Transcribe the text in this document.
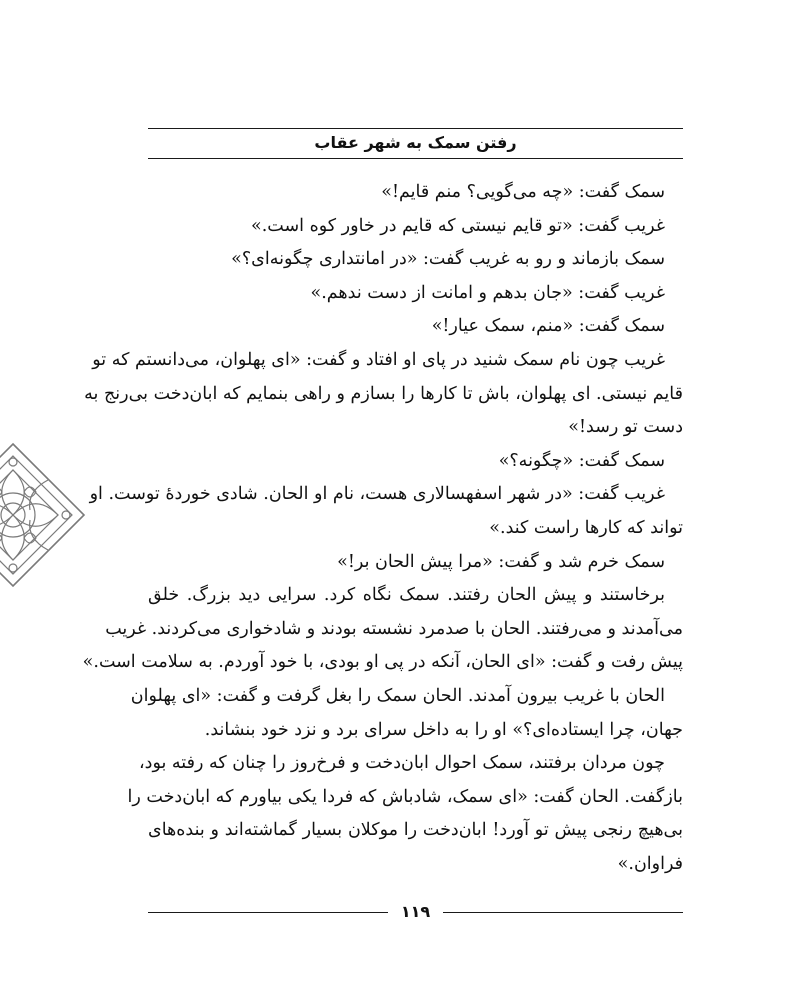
رفتن سمک به شهر عقاب
سمک گفت: «چه می‌گویی؟ منم قایم!»
غریب گفت: «تو قایم نیستی که قایم در خاور کوه است.»
سمک بازماند و رو به غریب گفت: «در امانتداری چگونه‌ای؟»
غریب گفت: «جان بدهم و امانت از دست ندهم.»
سمک گفت: «منم، سمک عیار!»
غریب چون نام سمک شنید در پای او افتاد و گفت: «ای پهلوان، می‌دانستم که تو
قایم نیستی. ای پهلوان، باش تا کارها را بسازم و راهی بنمایم که ابان‌دخت بی‌رنج به
دست تو رسد!»
سمک گفت: «چگونه؟»
غریب گفت: «در شهر اسفهسالاری هست، نام او الحان. شادی خوردهٔ توست. او
تواند که کارها راست کند.»
سمک خرم شد و گفت: «مرا پیش الحان بر!»
برخاستند و پیش الحان رفتند. سمک نگاه کرد. سرایی دید بزرگ. خلق
می‌آمدند و می‌رفتند. الحان با صدمرد نشسته بودند و شادخواری می‌کردند. غریب
پیش رفت و گفت: «ای الحان، آنکه در پی او بودی، با خود آوردم. به سلامت است.»
الحان با غریب بیرون آمدند. الحان سمک را بغل گرفت و گفت: «ای پهلوان
جهان، چرا ایستاده‌ای؟» او را به داخل سرای برد و نزد خود بنشاند.
چون مردان برفتند، سمک احوال ابان‌دخت و فرخ‌روز را چنان که رفته بود،
بازگفت. الحان گفت: «ای سمک، شادباش که فردا یکی بیاورم که ابان‌دخت را
بی‌هیچ رنجی پیش تو آورد! ابان‌دخت را موکلان بسیار گماشته‌اند و بنده‌های
فراوان.»
۱۱۹
